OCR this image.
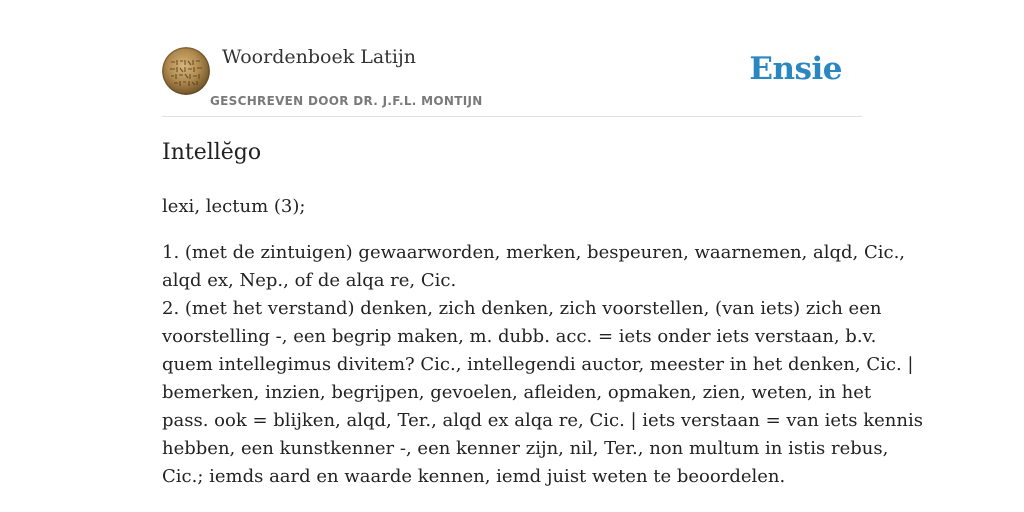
Woordenboek Latijn
GESCHREVEN DOOR DR. J.F.L. MONTIJN
Ensie
Intellĕgo
lexi, lectum (3);
1. (met de zintuigen) gewaarworden, merken, bespeuren, waarnemen, alqd, Cic.,
alqd ex, Nep., of de alqa re, Cic.
2. (met het verstand) denken, zich denken, zich voorstellen, (van iets) zich een
voorstelling -, een begrip maken, m. dubb. acc. = iets onder iets verstaan, b.v.
quem intellegimus divitem? Cic., intellegendi auctor, meester in het denken, Cic. |
bemerken, inzien, begrijpen, gevoelen, afleiden, opmaken, zien, weten, in het
pass. ook = blijken, alqd, Ter., alqd ex alqa re, Cic. | iets verstaan = van iets kennis
hebben, een kunstkenner -, een kenner zijn, nil, Ter., non multum in istis rebus,
Cic.; iemds aard en waarde kennen, iemd juist weten te beoordelen.
